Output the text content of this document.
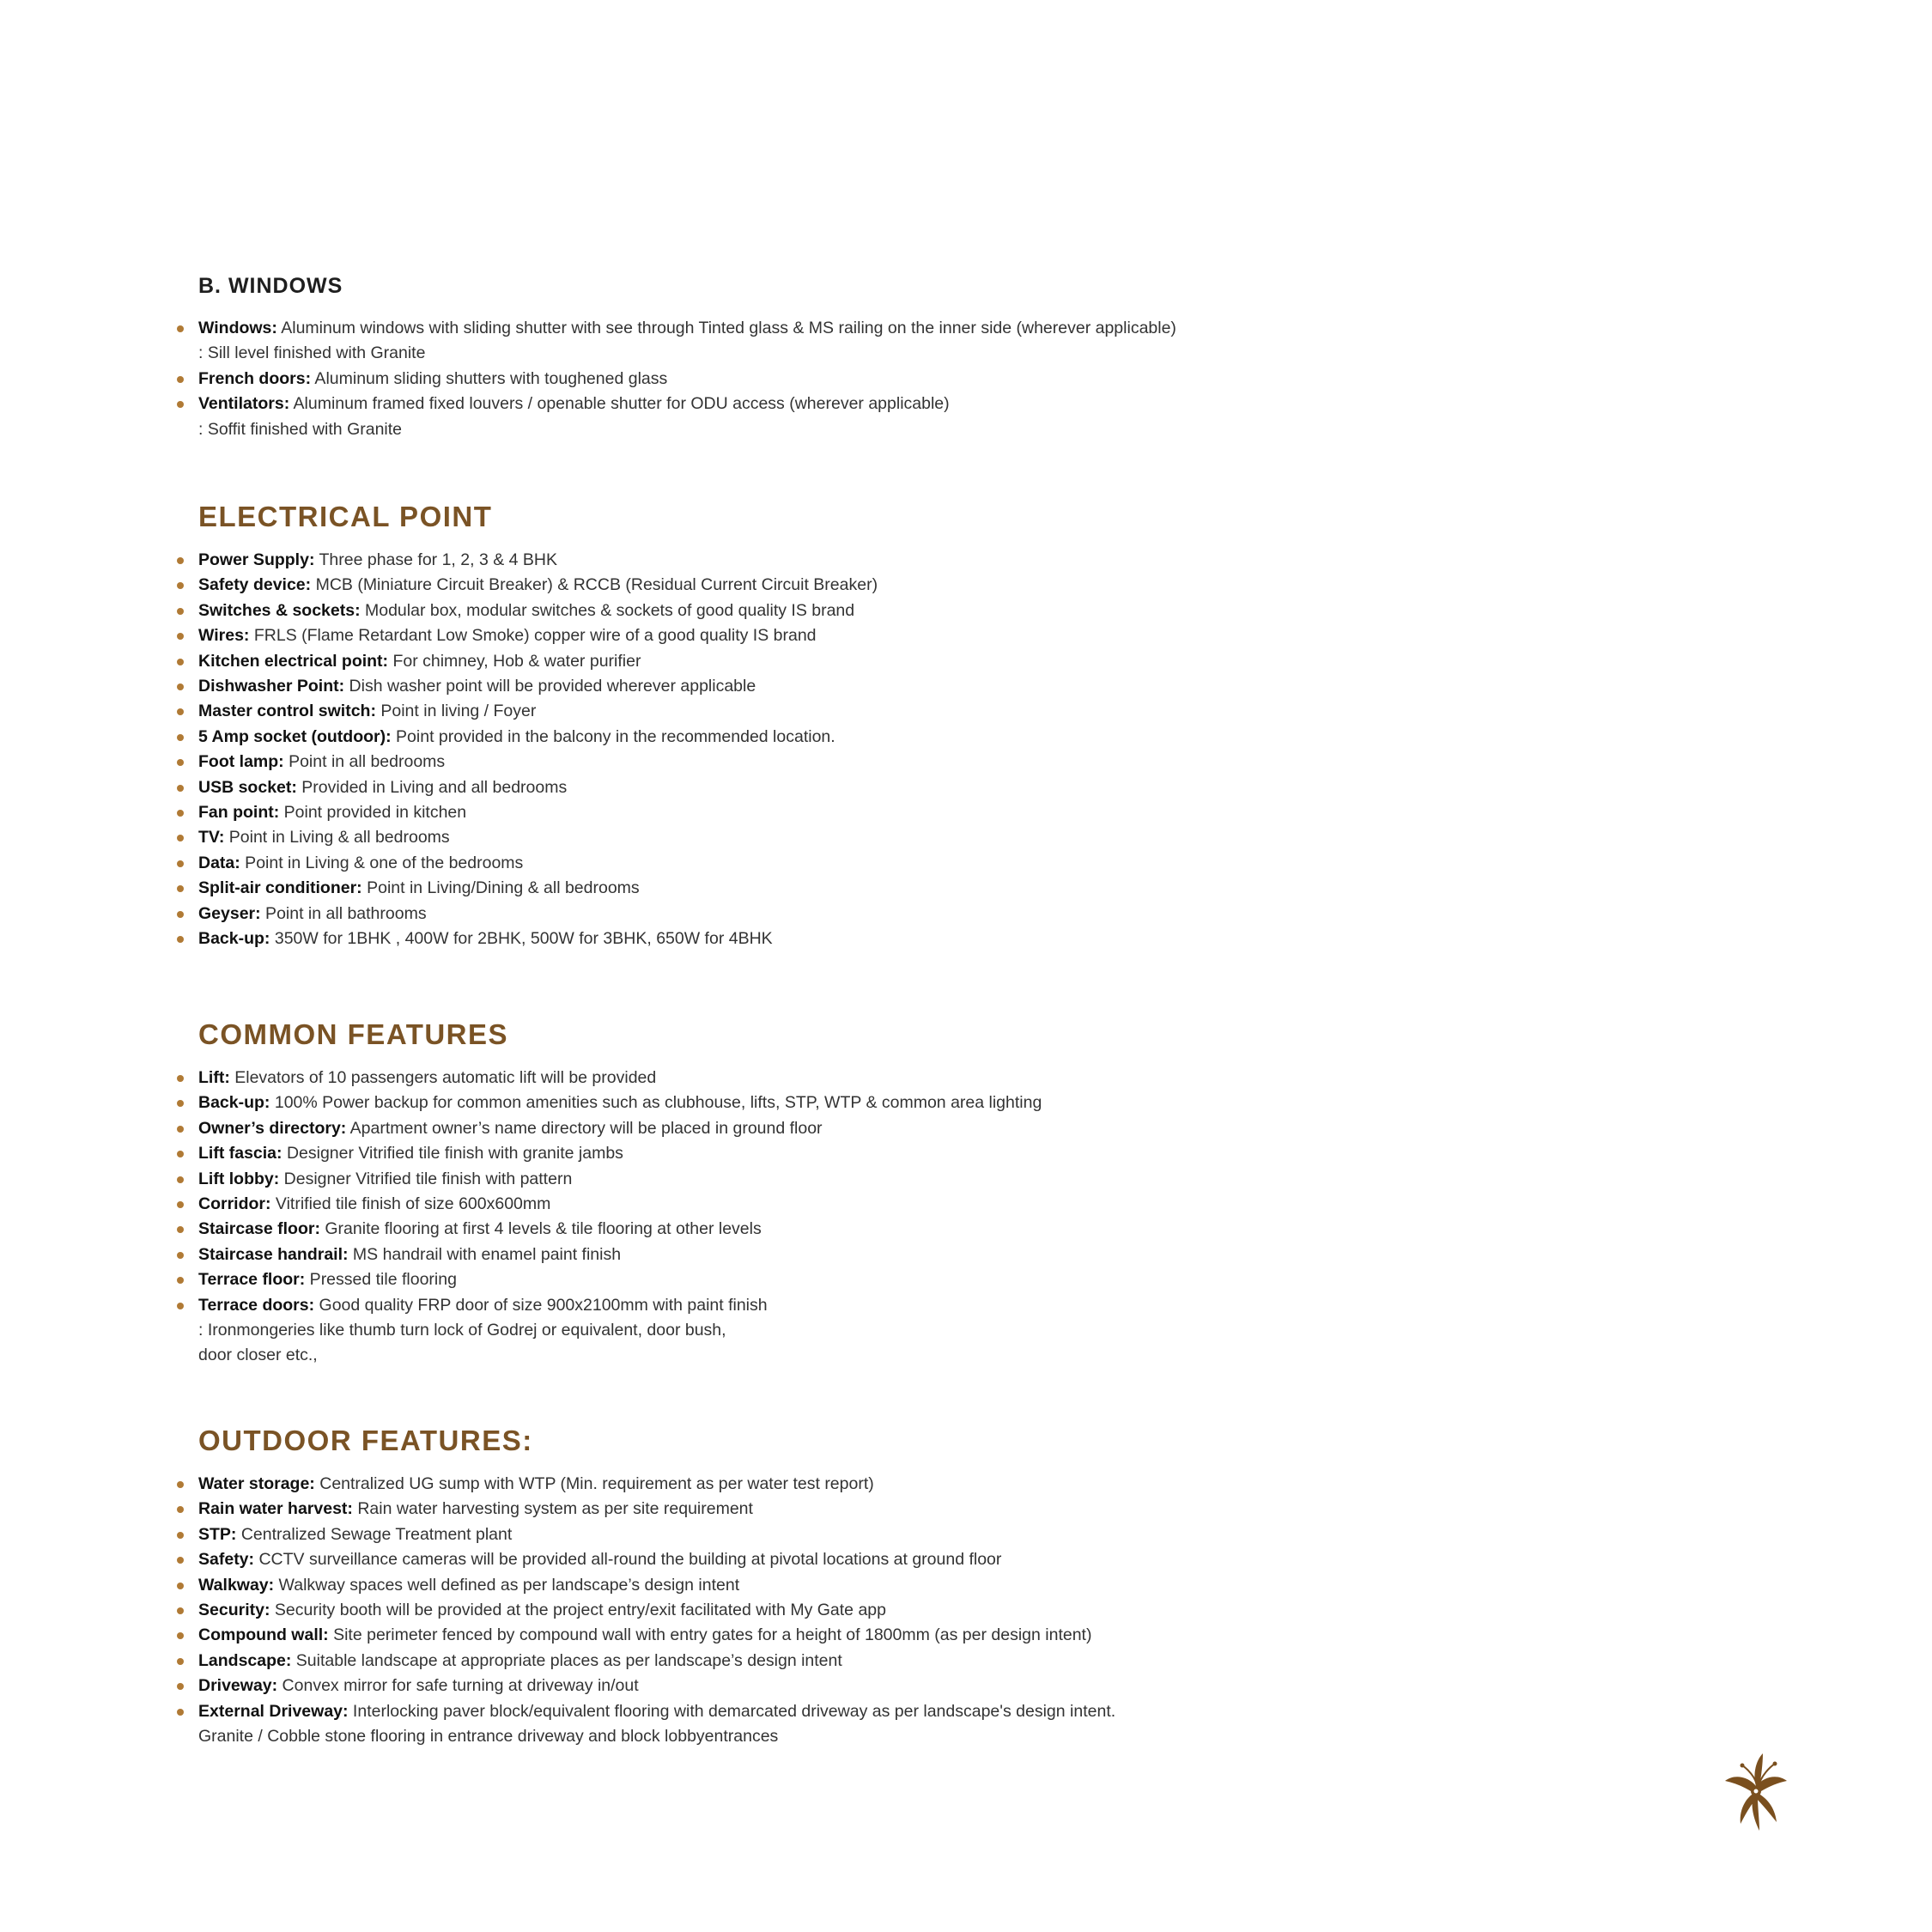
B. WINDOWS
Windows: Aluminum windows with sliding shutter with see through Tinted glass & MS railing on the inner side (wherever applicable)
: Sill level finished with Granite
French doors: Aluminum sliding shutters with toughened glass
Ventilators: Aluminum framed fixed louvers / openable shutter for ODU access (wherever applicable)
: Soffit finished with Granite
ELECTRICAL POINT
Power Supply: Three phase for 1, 2, 3 & 4 BHK
Safety device: MCB (Miniature Circuit Breaker) & RCCB (Residual Current Circuit Breaker)
Switches & sockets: Modular box, modular switches & sockets of good quality IS brand
Wires: FRLS (Flame Retardant Low Smoke) copper wire of a good quality IS brand
Kitchen electrical point: For chimney, Hob & water purifier
Dishwasher Point: Dish washer point will be provided wherever applicable
Master control switch: Point in living / Foyer
5 Amp socket (outdoor): Point provided in the balcony in the recommended location.
Foot lamp: Point in all bedrooms
USB socket: Provided in Living and all bedrooms
Fan point: Point provided in kitchen
TV: Point in Living & all bedrooms
Data: Point in Living & one of the bedrooms
Split-air conditioner: Point in Living/Dining & all bedrooms
Geyser: Point in all bathrooms
Back-up: 350W for 1BHK , 400W for 2BHK, 500W for 3BHK, 650W for 4BHK
COMMON FEATURES
Lift: Elevators of 10 passengers automatic lift will be provided
Back-up: 100% Power backup for common amenities such as clubhouse, lifts, STP, WTP & common area lighting
Owner’s directory: Apartment owner’s name directory will be placed in ground floor
Lift fascia: Designer Vitrified tile finish with granite jambs
Lift lobby: Designer Vitrified tile finish with pattern
Corridor: Vitrified tile finish of size 600x600mm
Staircase floor: Granite flooring at first 4 levels & tile flooring at other levels
Staircase handrail: MS handrail with enamel paint finish
Terrace floor: Pressed tile flooring
Terrace doors: Good quality FRP door of size 900x2100mm with paint finish
: Ironmongeries like thumb turn lock of Godrej or equivalent, door bush,
door closer etc.,
OUTDOOR FEATURES:
Water storage: Centralized UG sump with WTP (Min. requirement as per water test report)
Rain water harvest: Rain water harvesting system as per site requirement
STP: Centralized Sewage Treatment plant
Safety: CCTV surveillance cameras will be provided all-round the building at pivotal locations at ground floor
Walkway: Walkway spaces well defined as per landscape’s design intent
Security: Security booth will be provided at the project entry/exit facilitated with My Gate app
Compound wall: Site perimeter fenced by compound wall with entry gates for a height of 1800mm (as per design intent)
Landscape: Suitable landscape at appropriate places as per landscape’s design intent
Driveway: Convex mirror for safe turning at driveway in/out
External Driveway: Interlocking paver block/equivalent flooring with demarcated driveway as per landscape's design intent.
Granite / Cobble stone flooring in entrance driveway and block lobbyentrances
